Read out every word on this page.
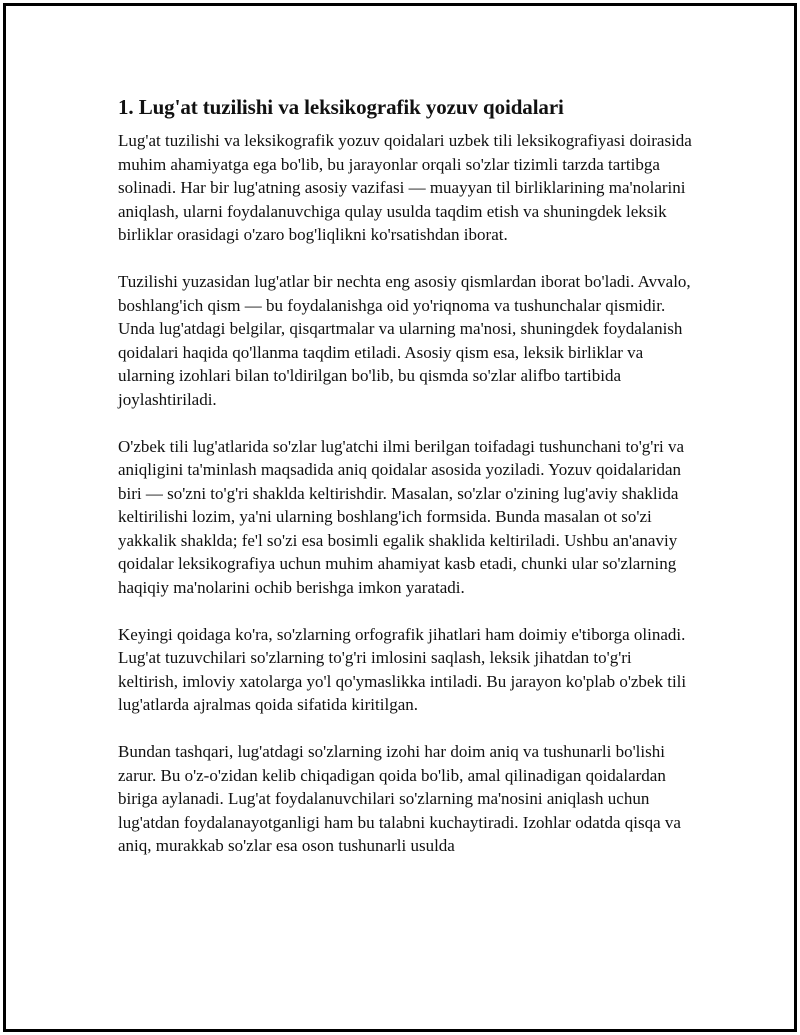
1. Lug'at tuzilishi va leksikografik yozuv qoidalari

Lug'at tuzilishi va leksikografik yozuv qoidalari uzbek tili leksikografiyasi doirasida muhim ahamiyatga ega bo'lib, bu jarayonlar orqali so'zlar tizimli tarzda tartibga solinadi. Har bir lug'atning asosiy vazifasi — muayyan til birliklarining ma'nolarini aniqlash, ularni foydalanuvchiga qulay usulda taqdim etish va shuningdek leksik birliklar orasidagi o'zaro bog'liqlikni ko'rsatishdan iborat.

Tuzilishi yuzasidan lug'atlar bir nechta eng asosiy qismlardan iborat bo'ladi. Avvalo, boshlang'ich qism — bu foydalanishga oid yo'riqnoma va tushunchalar qismidir. Unda lug'atdagi belgilar, qisqartmalar va ularning ma'nosi, shuningdek foydalanish qoidalari haqida qo'llanma taqdim etiladi. Asosiy qism esa, leksik birliklar va ularning izohlari bilan to'ldirilgan bo'lib, bu qismda so'zlar alifbo tartibida joylashtiriladi.

O'zbek tili lug'atlarida so'zlar lug'atchi ilmi berilgan toifadagi tushunchani to'g'ri va aniqligini ta'minlash maqsadida aniq qoidalar asosida yoziladi. Yozuv qoidalaridan biri — so'zni to'g'ri shaklda keltirishdir. Masalan, so'zlar o'zining lug'aviy shaklida keltirilishi lozim, ya'ni ularning boshlang'ich formsida. Bunda masalan ot so'zi yakkalik shaklda; fe'l so'zi esa bosimli egalik shaklida keltiriladi. Ushbu an'anaviy qoidalar leksikografiya uchun muhim ahamiyat kasb etadi, chunki ular so'zlarning haqiqiy ma'nolarini ochib berishga imkon yaratadi.

Keyingi qoidaga ko'ra, so'zlarning orfografik jihatlari ham doimiy e'tiborga olinadi. Lug'at tuzuvchilari so'zlarning to'g'ri imlosini saqlash, leksik jihatdan to'g'ri keltirish, imloviy xatolarga yo'l qo'ymaslikka intiladi. Bu jarayon ko'plab o'zbek tili lug'atlarda ajralmas qoida sifatida kiritilgan.

Bundan tashqari, lug'atdagi so'zlarning izohi har doim aniq va tushunarli bo'lishi zarur. Bu o'z-o'zidan kelib chiqadigan qoida bo'lib, amal qilinadigan qoidalardan biriga aylanadi. Lug'at foydalanuvchilari so'zlarning ma'nosini aniqlash uchun lug'atdan foydalanayotganligi ham bu talabni kuchaytiradi. Izohlar odatda qisqa va aniq, murakkab so'zlar esa oson tushunarli usulda
